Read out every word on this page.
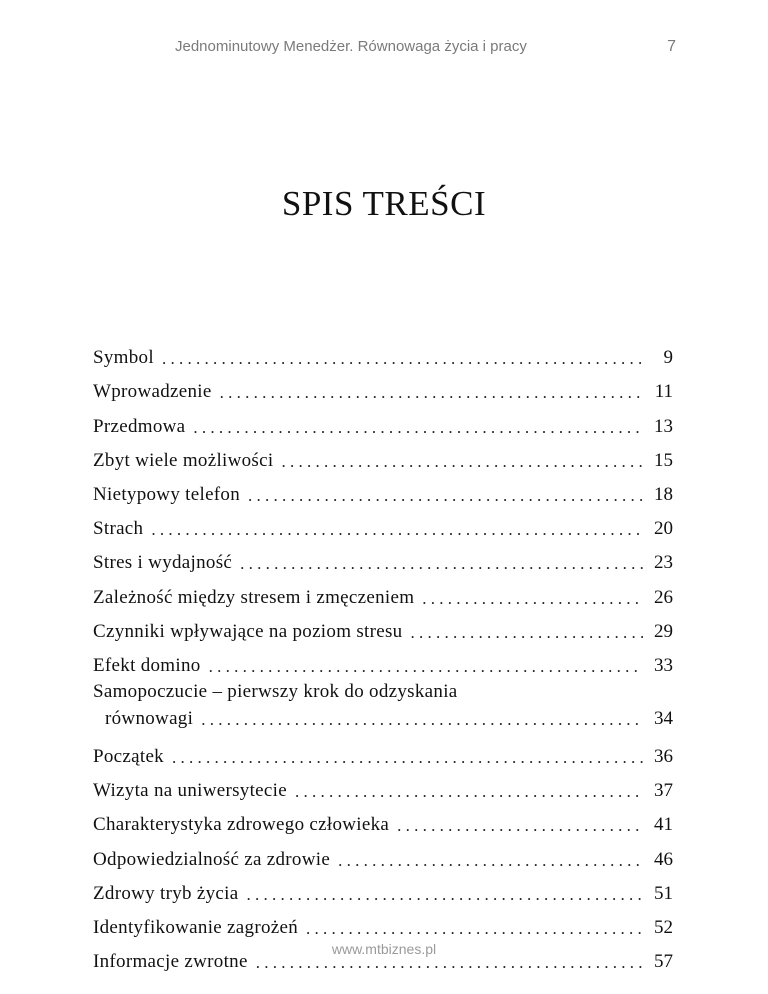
Jednominutowy Menedżer. Równowaga życia i pracy	7
SPIS TREŚCI
Symbol . . .	9
Wprowadzenie . . .	11
Przedmowa . . .	13
Zbyt wiele możliwości . . .	15
Nietypowy telefon . . .	18
Strach . . .	20
Stres i wydajność . . .	23
Zależność między stresem i zmęczeniem . . .	26
Czynniki wpływające na poziom stresu . . .	29
Efekt domino . . .	33
Samopoczucie – pierwszy krok do odzyskania
równowagi . . .	34
Początek . . .	36
Wizyta na uniwersytecie . . .	37
Charakterystyka zdrowego człowieka . . .	41
Odpowiedzialność za zdrowie . . .	46
Zdrowy tryb życia . . .	51
Identyfikowanie zagrożeń . . .	52
Informacje zwrotne . . .	57
www.mtbiznes.pl
